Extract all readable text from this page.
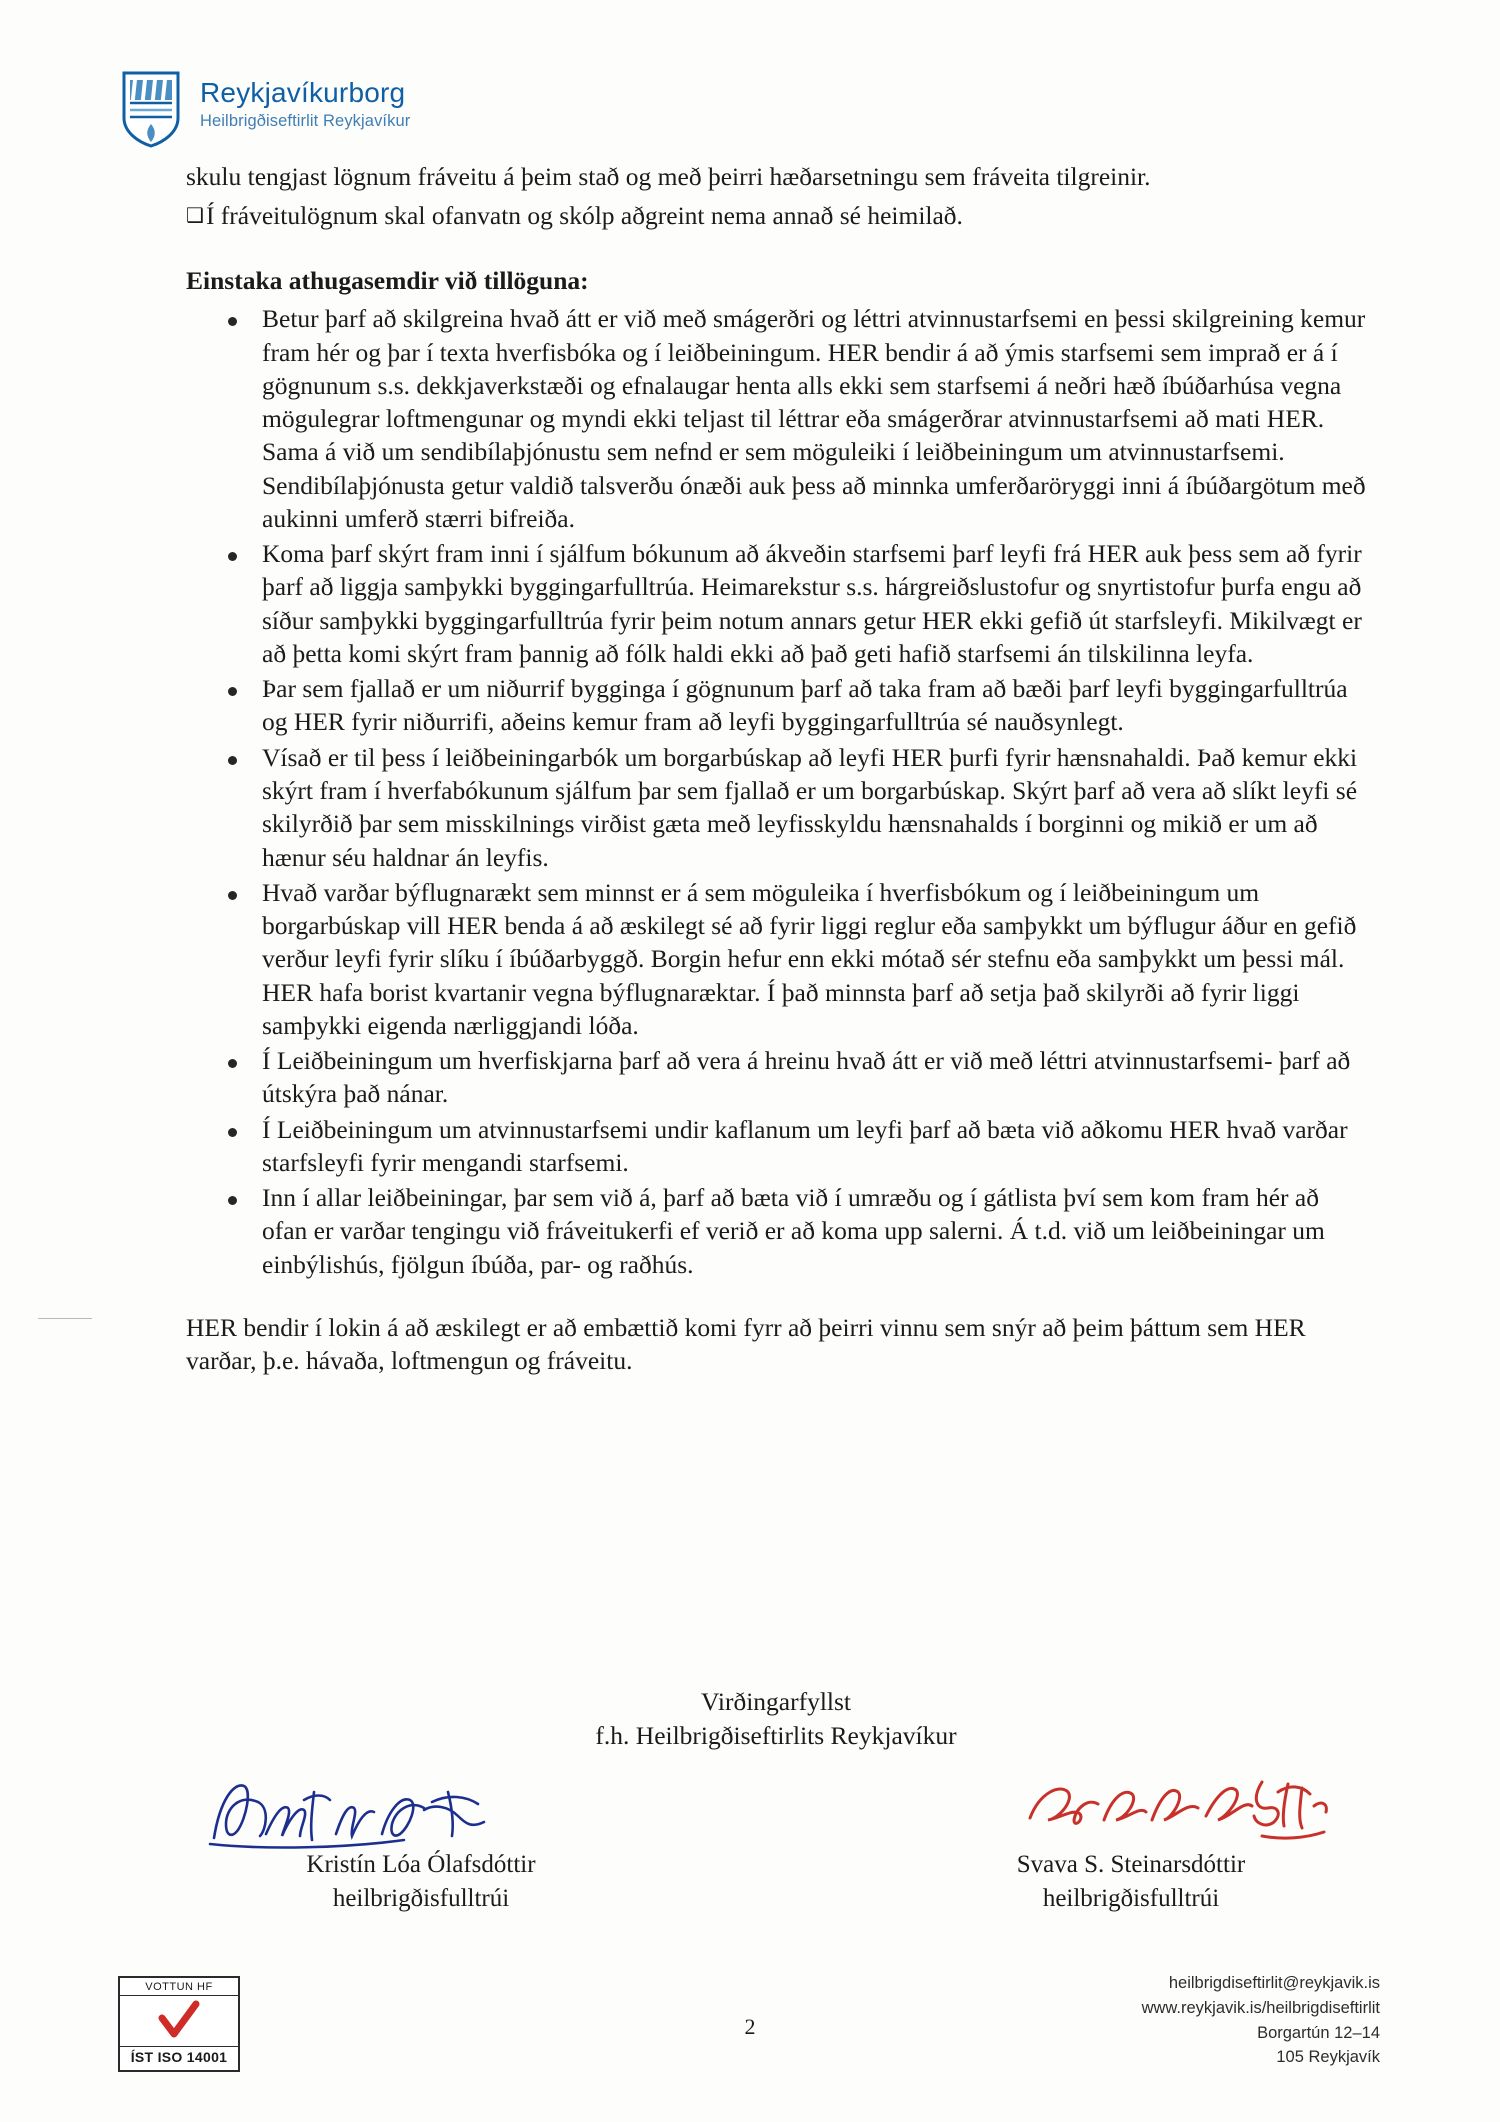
Reykjavíkurborg
Heilbrigðiseftirlit Reykjavíkur

skulu tengjast lögnum fráveitu á þeim stað og með þeirri hæðarsetningu sem fráveita tilgreinir.

❑Í fráveitulögnum skal ofanvatn og skólp aðgreint nema annað sé heimilað.

Einstaka athugasemdir við tillöguna:
Betur þarf að skilgreina hvað átt er við með smágerðri og léttri atvinnustarfsemi en þessi skilgreining kemur fram hér og þar í texta hverfisbóka og í leiðbeiningum. HER bendir á að ýmis starfsemi sem imprað er á í gögnunum s.s. dekkjaverkstæði og efnalaugar henta alls ekki sem starfsemi á neðri hæð íbúðarhúsa vegna mögulegrar loftmengunar og myndi ekki teljast til léttrar eða smágerðrar atvinnustarfsemi að mati HER. Sama á við um sendibílaþjónustu sem nefnd er sem möguleiki í leiðbeiningum um atvinnustarfsemi. Sendibílaþjónusta getur valdið talsverðu ónæði auk þess að minnka umferðaröryggi inni á íbúðargötum með aukinni umferð stærri bifreiða.
Koma þarf skýrt fram inni í sjálfum bókunum að ákveðin starfsemi þarf leyfi frá HER auk þess sem að fyrir þarf að liggja samþykki byggingarfulltrúa. Heimarekstur s.s. hárgreiðslustofur og snyrtistofur þurfa engu að síður samþykki byggingarfulltrúa fyrir þeim notum annars getur HER ekki gefið út starfsleyfi. Mikilvægt er að þetta komi skýrt fram þannig að fólk haldi ekki að það geti hafið starfsemi án tilskilinna leyfa.
Þar sem fjallað er um niðurrif bygginga í gögnunum þarf að taka fram að bæði þarf leyfi byggingarfulltrúa og HER fyrir niðurrifi, aðeins kemur fram að leyfi byggingarfulltrúa sé nauðsynlegt.
Vísað er til þess í leiðbeiningarbók um borgarbúskap að leyfi HER þurfi fyrir hænsnahaldi. Það kemur ekki skýrt fram í hverfabókunum sjálfum þar sem fjallað er um borgarbúskap. Skýrt þarf að vera að slíkt leyfi sé skilyrðið þar sem misskilnings virðist gæta með leyfisskyldu hænsnahalds í borginni og mikið er um að hænur séu haldnar án leyfis.
Hvað varðar býflugnarækt sem minnst er á sem möguleika í hverfisbókum og í leiðbeiningum um borgarbúskap vill HER benda á að æskilegt sé að fyrir liggi reglur eða samþykkt um býflugur áður en gefið verður leyfi fyrir slíku í íbúðarbyggð. Borgin hefur enn ekki mótað sér stefnu eða samþykkt um þessi mál. HER hafa borist kvartanir vegna býflugnaræktar. Í það minnsta þarf að setja það skilyrði að fyrir liggi samþykki eigenda nærliggjandi lóða.
Í Leiðbeiningum um hverfiskjarna þarf að vera á hreinu hvað átt er við með léttri atvinnustarfsemi- þarf að útskýra það nánar.
Í Leiðbeiningum um atvinnustarfsemi undir kaflanum um leyfi þarf að bæta við aðkomu HER hvað varðar starfsleyfi fyrir mengandi starfsemi.
Inn í allar leiðbeiningar, þar sem við á, þarf að bæta við í umræðu og í gátlista því sem kom fram hér að ofan er varðar tengingu við fráveitukerfi ef verið er að koma upp salerni. Á t.d. við um leiðbeiningar um einbýlishús, fjölgun íbúða, par- og raðhús.

HER bendir í lokin á að æskilegt er að embættið komi fyrr að þeirri vinnu sem snýr að þeim þáttum sem HER varðar, þ.e. hávaða, loftmengun og fráveitu.

Virðingarfyllst
f.h. Heilbrigðiseftirlits Reykjavíkur
Kristín Lóa Ólafsdóttir
heilbrigðisfulltrúi
Svava S. Steinarsdóttir
heilbrigðisfulltrúi
VOTTUN HF
ÍST ISO 14001
2
heilbrigdiseftirlit@reykjavik.is
www.reykjavik.is/heilbrigdiseftirlit
Borgartún 12–14
105 Reykjavík
